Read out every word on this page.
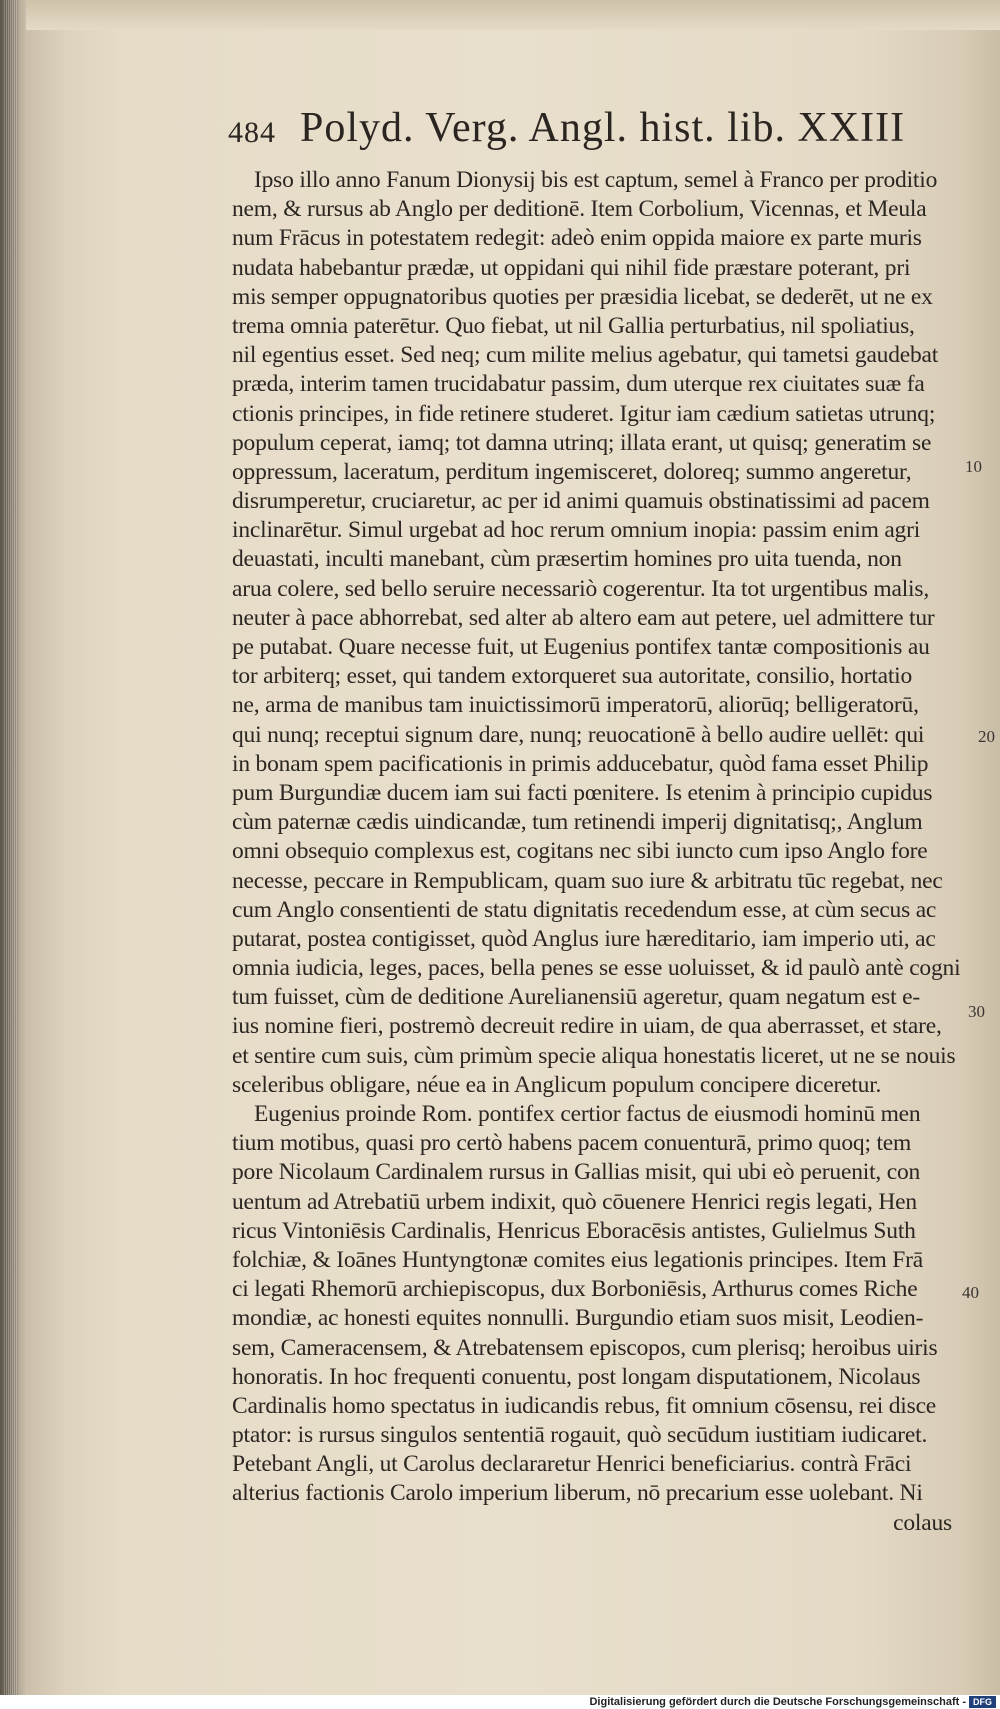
484 Polyd. Verg. Angl. hist. lib. XXIII
Ipso illo anno Fanum Dionysij bis est captum, semel à Franco per proditio
nem, & rursus ab Anglo per deditionē. Item Corbolium, Vicennas, et Meula
num Frācus in potestatem redegit: adeò enim oppida maiore ex parte muris
nudata habebantur prædæ, ut oppidani qui nihil fide præstare poterant, pri
mis semper oppugnatoribus quoties per præsidia licebat, se dederēt, ut ne ex
trema omnia paterētur. Quo fiebat, ut nil Gallia perturbatius, nil spoliatius,
nil egentius esset. Sed neq; cum milite melius agebatur, qui tametsi gaudebat
præda, interim tamen trucidabatur passim, dum uterque rex ciuitates suæ fa
ctionis principes, in fide retinere studeret. Igitur iam cædium satietas utrunq;
populum ceperat, iamq; tot damna utrinq; illata erant, ut quisq; generatim se
oppressum, laceratum, perditum ingemisceret, doloreq; summo angeretur,
disrumperetur, cruciaretur, ac per id animi quamuis obstinatissimi ad pacem
inclinarētur. Simul urgebat ad hoc rerum omnium inopia: passim enim agri
deuastati, inculti manebant, cùm præsertim homines pro uita tuenda, non
arua colere, sed bello seruire necessariò cogerentur. Ita tot urgentibus malis,
neuter à pace abhorrebat, sed alter ab altero eam aut petere, uel admittere tur
pe putabat. Quare necesse fuit, ut Eugenius pontifex tantæ compositionis au
tor arbiterq; esset, qui tandem extorqueret sua autoritate, consilio, hortatio
ne, arma de manibus tam inuictissimorū imperatorū, aliorūq; belligeratorū,
qui nunq; receptui signum dare, nunq; reuocationē à bello audire uellēt: qui
in bonam spem pacificationis in primis adducebatur, quòd fama esset Philip
pum Burgundiæ ducem iam sui facti pœnitere. Is etenim à principio cupidus
cùm paternæ cædis uindicandæ, tum retinendi imperij dignitatisq;, Anglum
omni obsequio complexus est, cogitans nec sibi iuncto cum ipso Anglo fore
necesse, peccare in Rempublicam, quam suo iure & arbitratu tūc regebat, nec
cum Anglo consentienti de statu dignitatis recedendum esse, at cùm secus ac
putarat, postea contigisset, quòd Anglus iure hæreditario, iam imperio uti, ac
omnia iudicia, leges, paces, bella penes se esse uoluisset, & id paulò antè cogni
tum fuisset, cùm de deditione Aurelianensiū ageretur, quam negatum est e-
ius nomine fieri, postremò decreuit redire in uiam, de qua aberrasset, et stare,
et sentire cum suis, cùm primùm specie aliqua honestatis liceret, ut ne se nouis
sceleribus obligare, néue ea in Anglicum populum concipere diceretur.
Eugenius proinde Rom. pontifex certior factus de eiusmodi hominū men
tium motibus, quasi pro certò habens pacem conuenturā, primo quoq; tem
pore Nicolaum Cardinalem rursus in Gallias misit, qui ubi eò peruenit, con
uentum ad Atrebatiū urbem indixit, quò cōuenere Henrici regis legati, Hen
ricus Vintoniēsis Cardinalis, Henricus Eboracēsis antistes, Gulielmus Suth
folchiæ, & Ioānes Huntyngtonæ comites eius legationis principes. Item Frā
ci legati Rhemorū archiepiscopus, dux Borboniēsis, Arthurus comes Riche
mondiæ, ac honesti equites nonnulli. Burgundio etiam suos misit, Leodien-
sem, Cameracensem, & Atrebatensem episcopos, cum plerisq; heroibus uiris
honoratis. In hoc frequenti conuentu, post longam disputationem, Nicolaus
Cardinalis homo spectatus in iudicandis rebus, fit omnium cōsensu, rei disce
ptator: is rursus singulos sententiā rogauit, quò secūdum iustitiam iudicaret.
Petebant Angli, ut Carolus declararetur Henrici beneficiarius. contrà Frāci
alterius factionis Carolo imperium liberum, nō precarium esse uolebant. Ni
colaus
10
20
30
40
Digitalisierung gefördert durch die Deutsche Forschungsgemeinschaft - DFG
